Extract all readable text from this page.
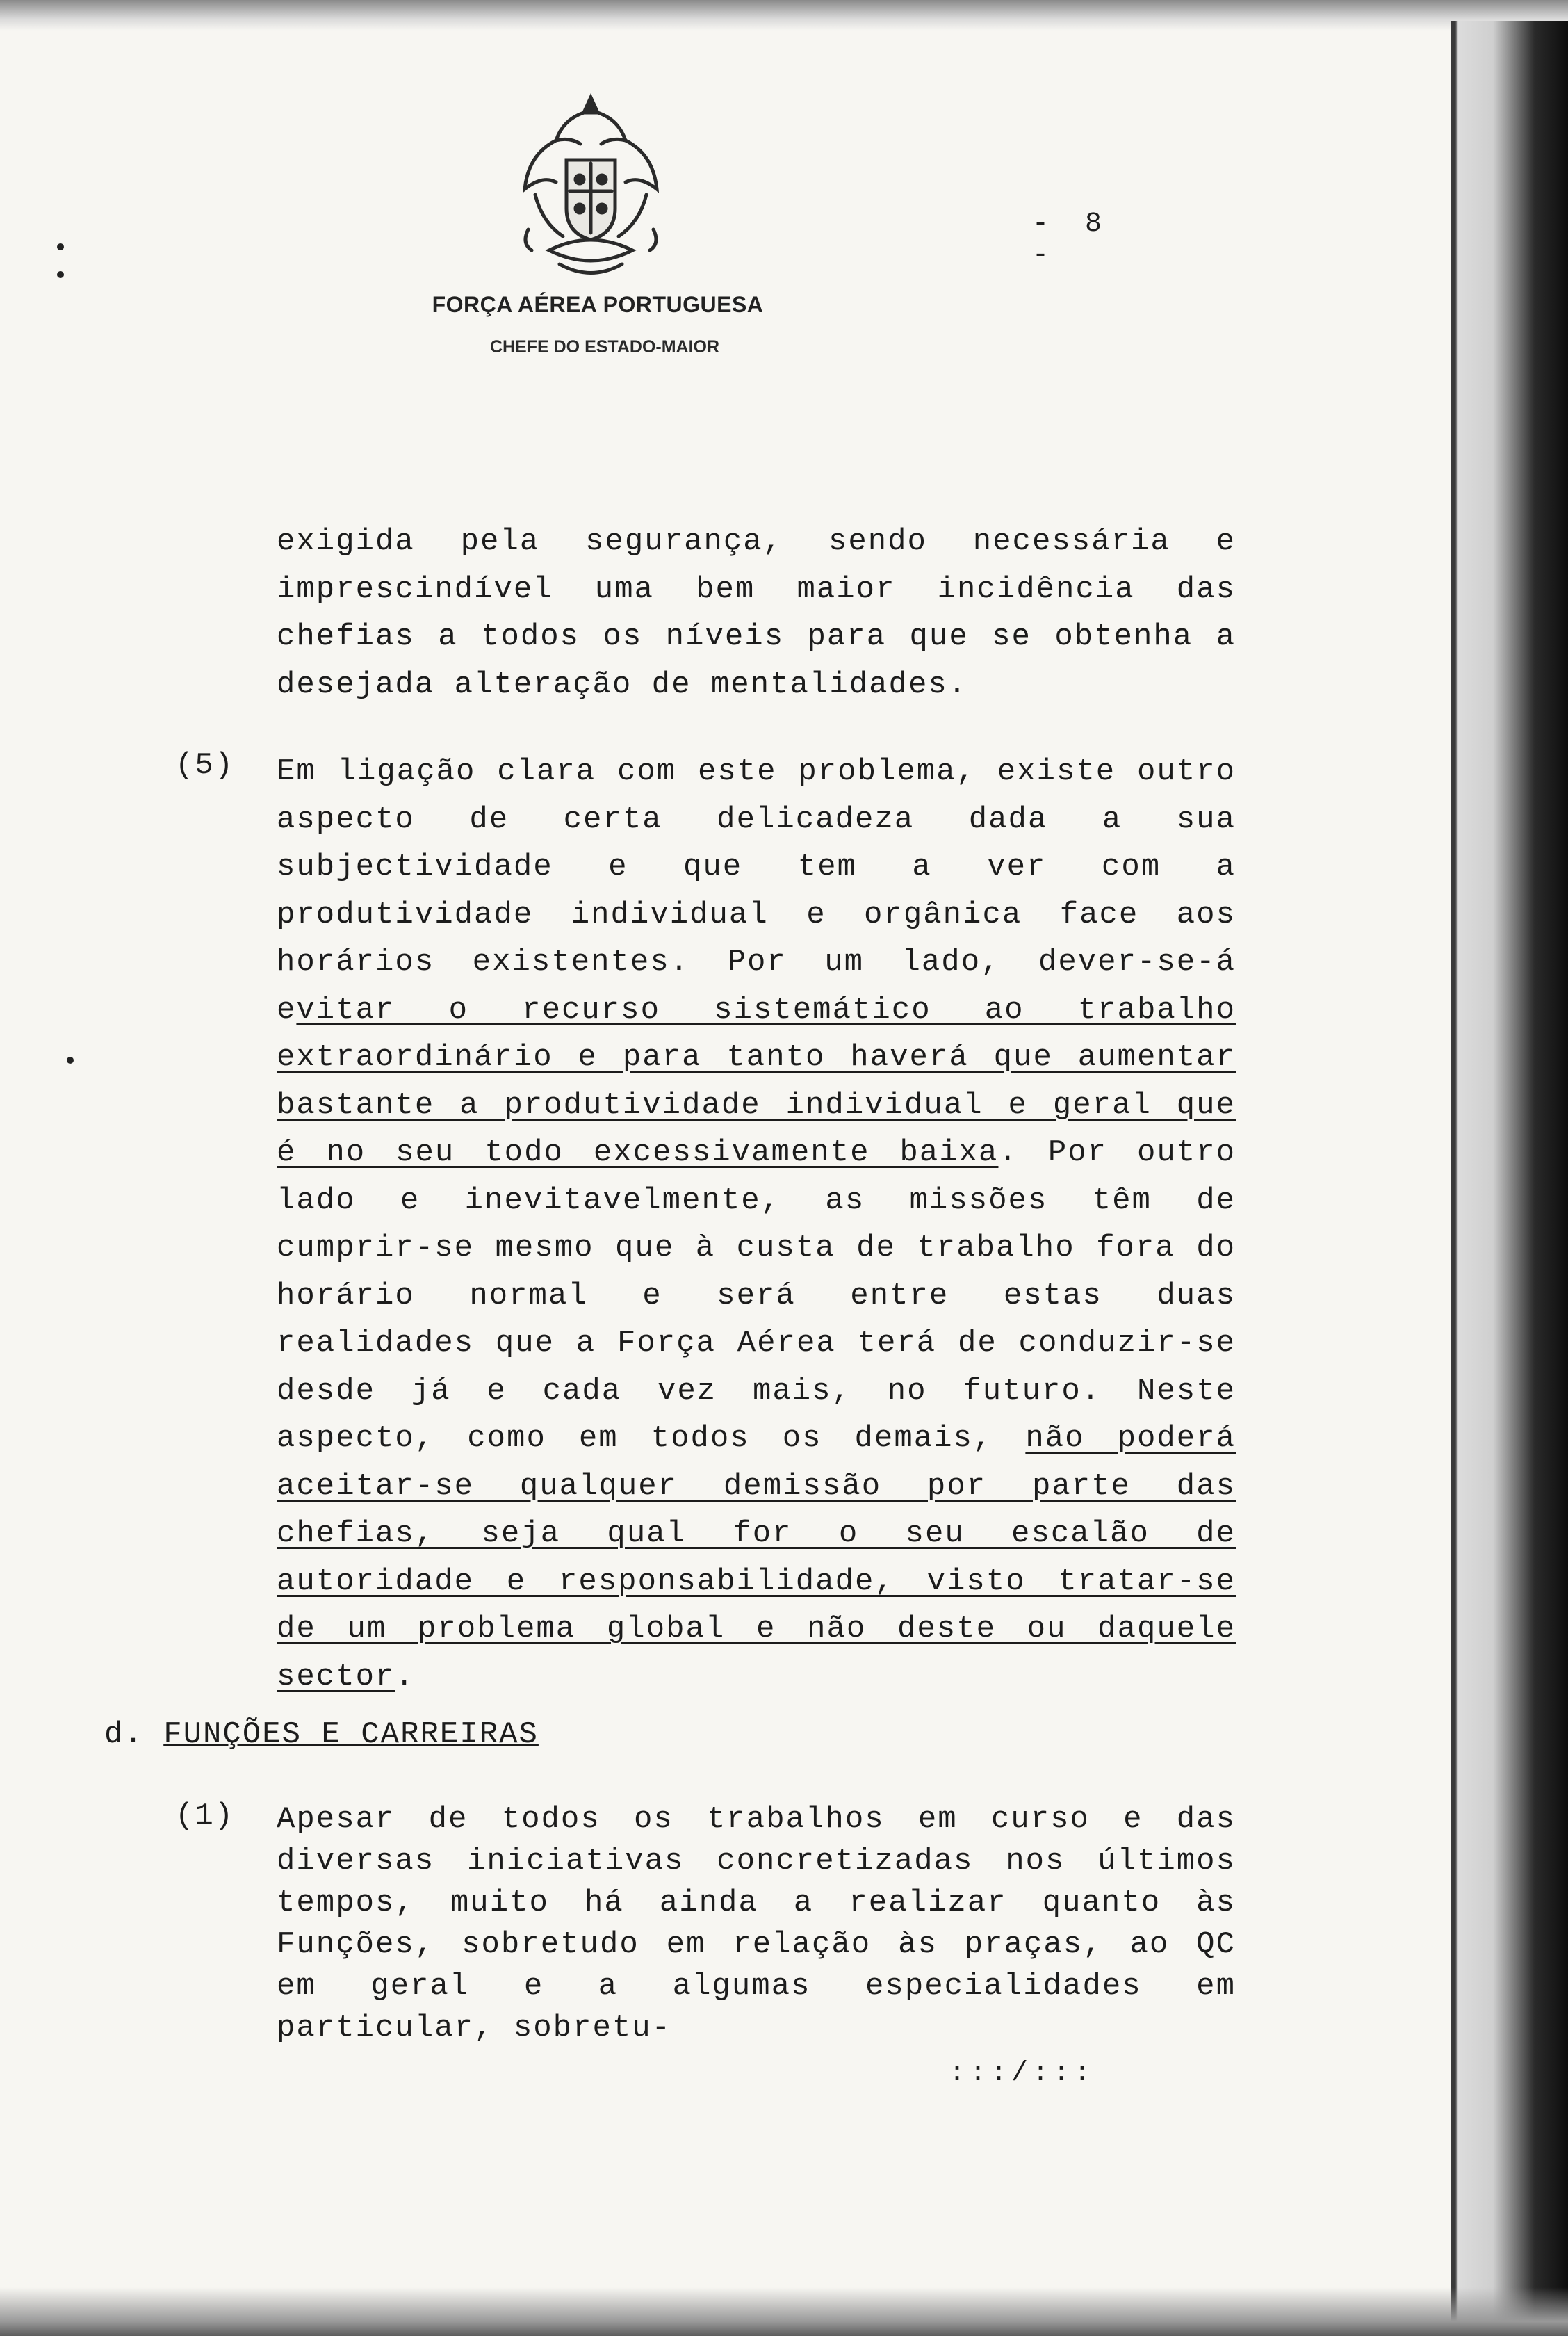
FORÇA AÉREA PORTUGUESA

CHEFE DO ESTADO-MAIOR

- 8 -
exigida pela segurança, sendo necessária e imprescindível uma bem maior incidência das chefias a todos os níveis para que se obtenha a desejada alteração de mentalidades.
(5) Em ligação clara com este problema, existe outro aspecto de certa delicadeza dada a sua subjectividade e que tem a ver com a produtividade individual e orgânica face aos horários existentes. Por um lado, dever-se-á evitar o recurso sistemático ao trabalho extraordinário e para tanto haverá que aumentar bastante a produtividade individual e geral que é no seu todo excessivamente baixa. Por outro lado e inevitavelmente, as missões têm de cumprir-se mesmo que à custa de trabalho fora do horário normal e será entre estas duas realidades que a Força Aérea terá de conduzir-se desde já e cada vez mais, no futuro. Neste aspecto, como em todos os demais, não poderá aceitar-se qualquer demissão por parte das chefias, seja qual for o seu escalão de autoridade e responsabilidade, visto tratar-se de um problema global e não deste ou daquele sector.
d. FUNÇÕES E CARREIRAS
(1) Apesar de todos os trabalhos em curso e das diversas iniciativas concretizadas nos últimos tempos, muito há ainda a realizar quanto às Funções, sobretudo em relação às praças, ao QC em geral e a algumas especialidades em particular, sobretu-
:::/:::
